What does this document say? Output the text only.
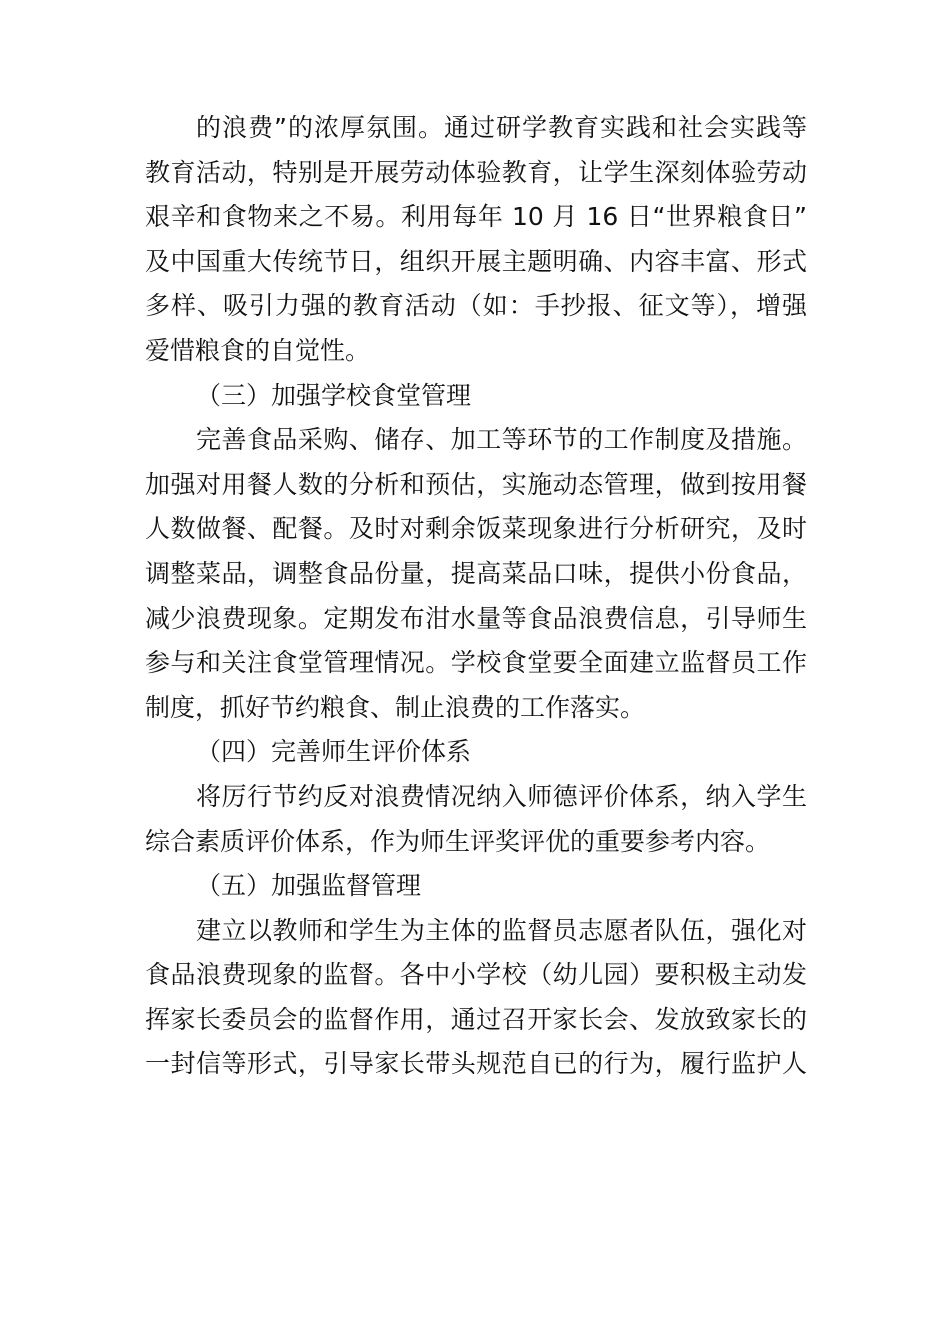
的浪费”的浓厚氛围。通过研学教育实践和社会实践等
教育活动，特别是开展劳动体验教育，让学生深刻体验劳动
艰辛和食物来之不易。利用每年 10 月 16 日“世界粮食日”
及中国重大传统节日，组织开展主题明确、内容丰富、形式
多样、吸引力强的教育活动（如：手抄报、征文等），增强
爱惜粮食的自觉性。
（三）加强学校食堂管理
完善食品采购、储存、加工等环节的工作制度及措施。
加强对用餐人数的分析和预估，实施动态管理，做到按用餐
人数做餐、配餐。及时对剩余饭菜现象进行分析研究，及时
调整菜品，调整食品份量，提高菜品口味，提供小份食品，
减少浪费现象。定期发布泔水量等食品浪费信息，引导师生
参与和关注食堂管理情况。学校食堂要全面建立监督员工作
制度，抓好节约粮食、制止浪费的工作落实。
（四）完善师生评价体系
将厉行节约反对浪费情况纳入师德评价体系，纳入学生
综合素质评价体系，作为师生评奖评优的重要参考内容。
（五）加强监督管理
建立以教师和学生为主体的监督员志愿者队伍，强化对
食品浪费现象的监督。各中小学校（幼儿园）要积极主动发
挥家长委员会的监督作用，通过召开家长会、发放致家长的
一封信等形式，引导家长带头规范自已的行为，履行监护人
